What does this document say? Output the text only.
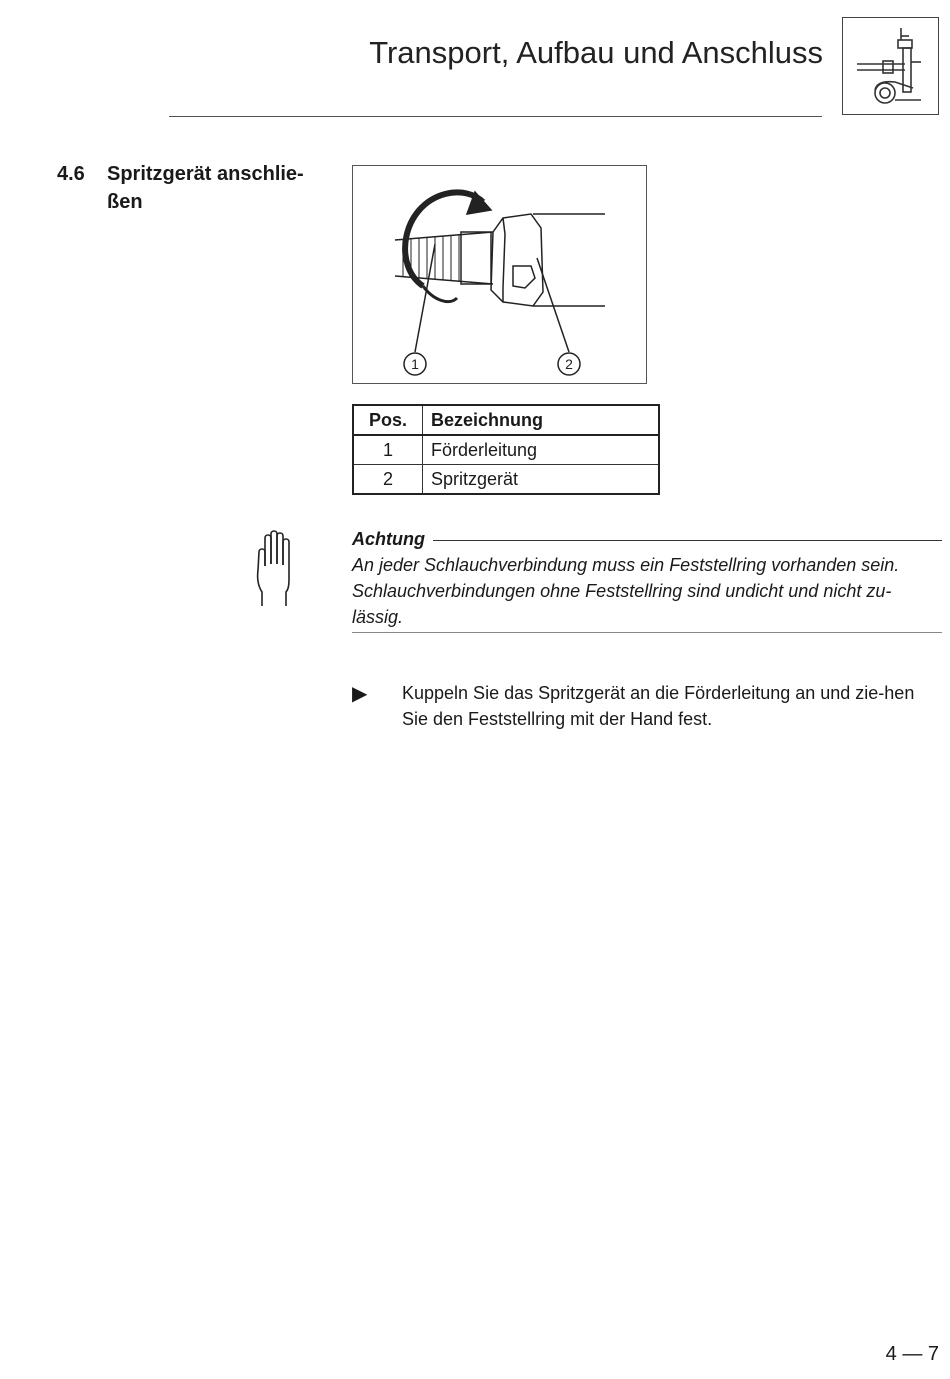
Transport, Aufbau und Anschluss
4.6 Spritzgerät anschlie-ßen
1	2
Pos.	Bezeichnung
1	Förderleitung
2	Spritzgerät
Achtung

An jeder Schlauchverbindung muss ein Feststellring vorhanden sein. Schlauchverbindungen ohne Feststellring sind undicht und nicht zu-lässig.

▶ Kuppeln Sie das Spritzgerät an die Förderleitung an und zie-hen Sie den Feststellring mit der Hand fest.
4 — 7
